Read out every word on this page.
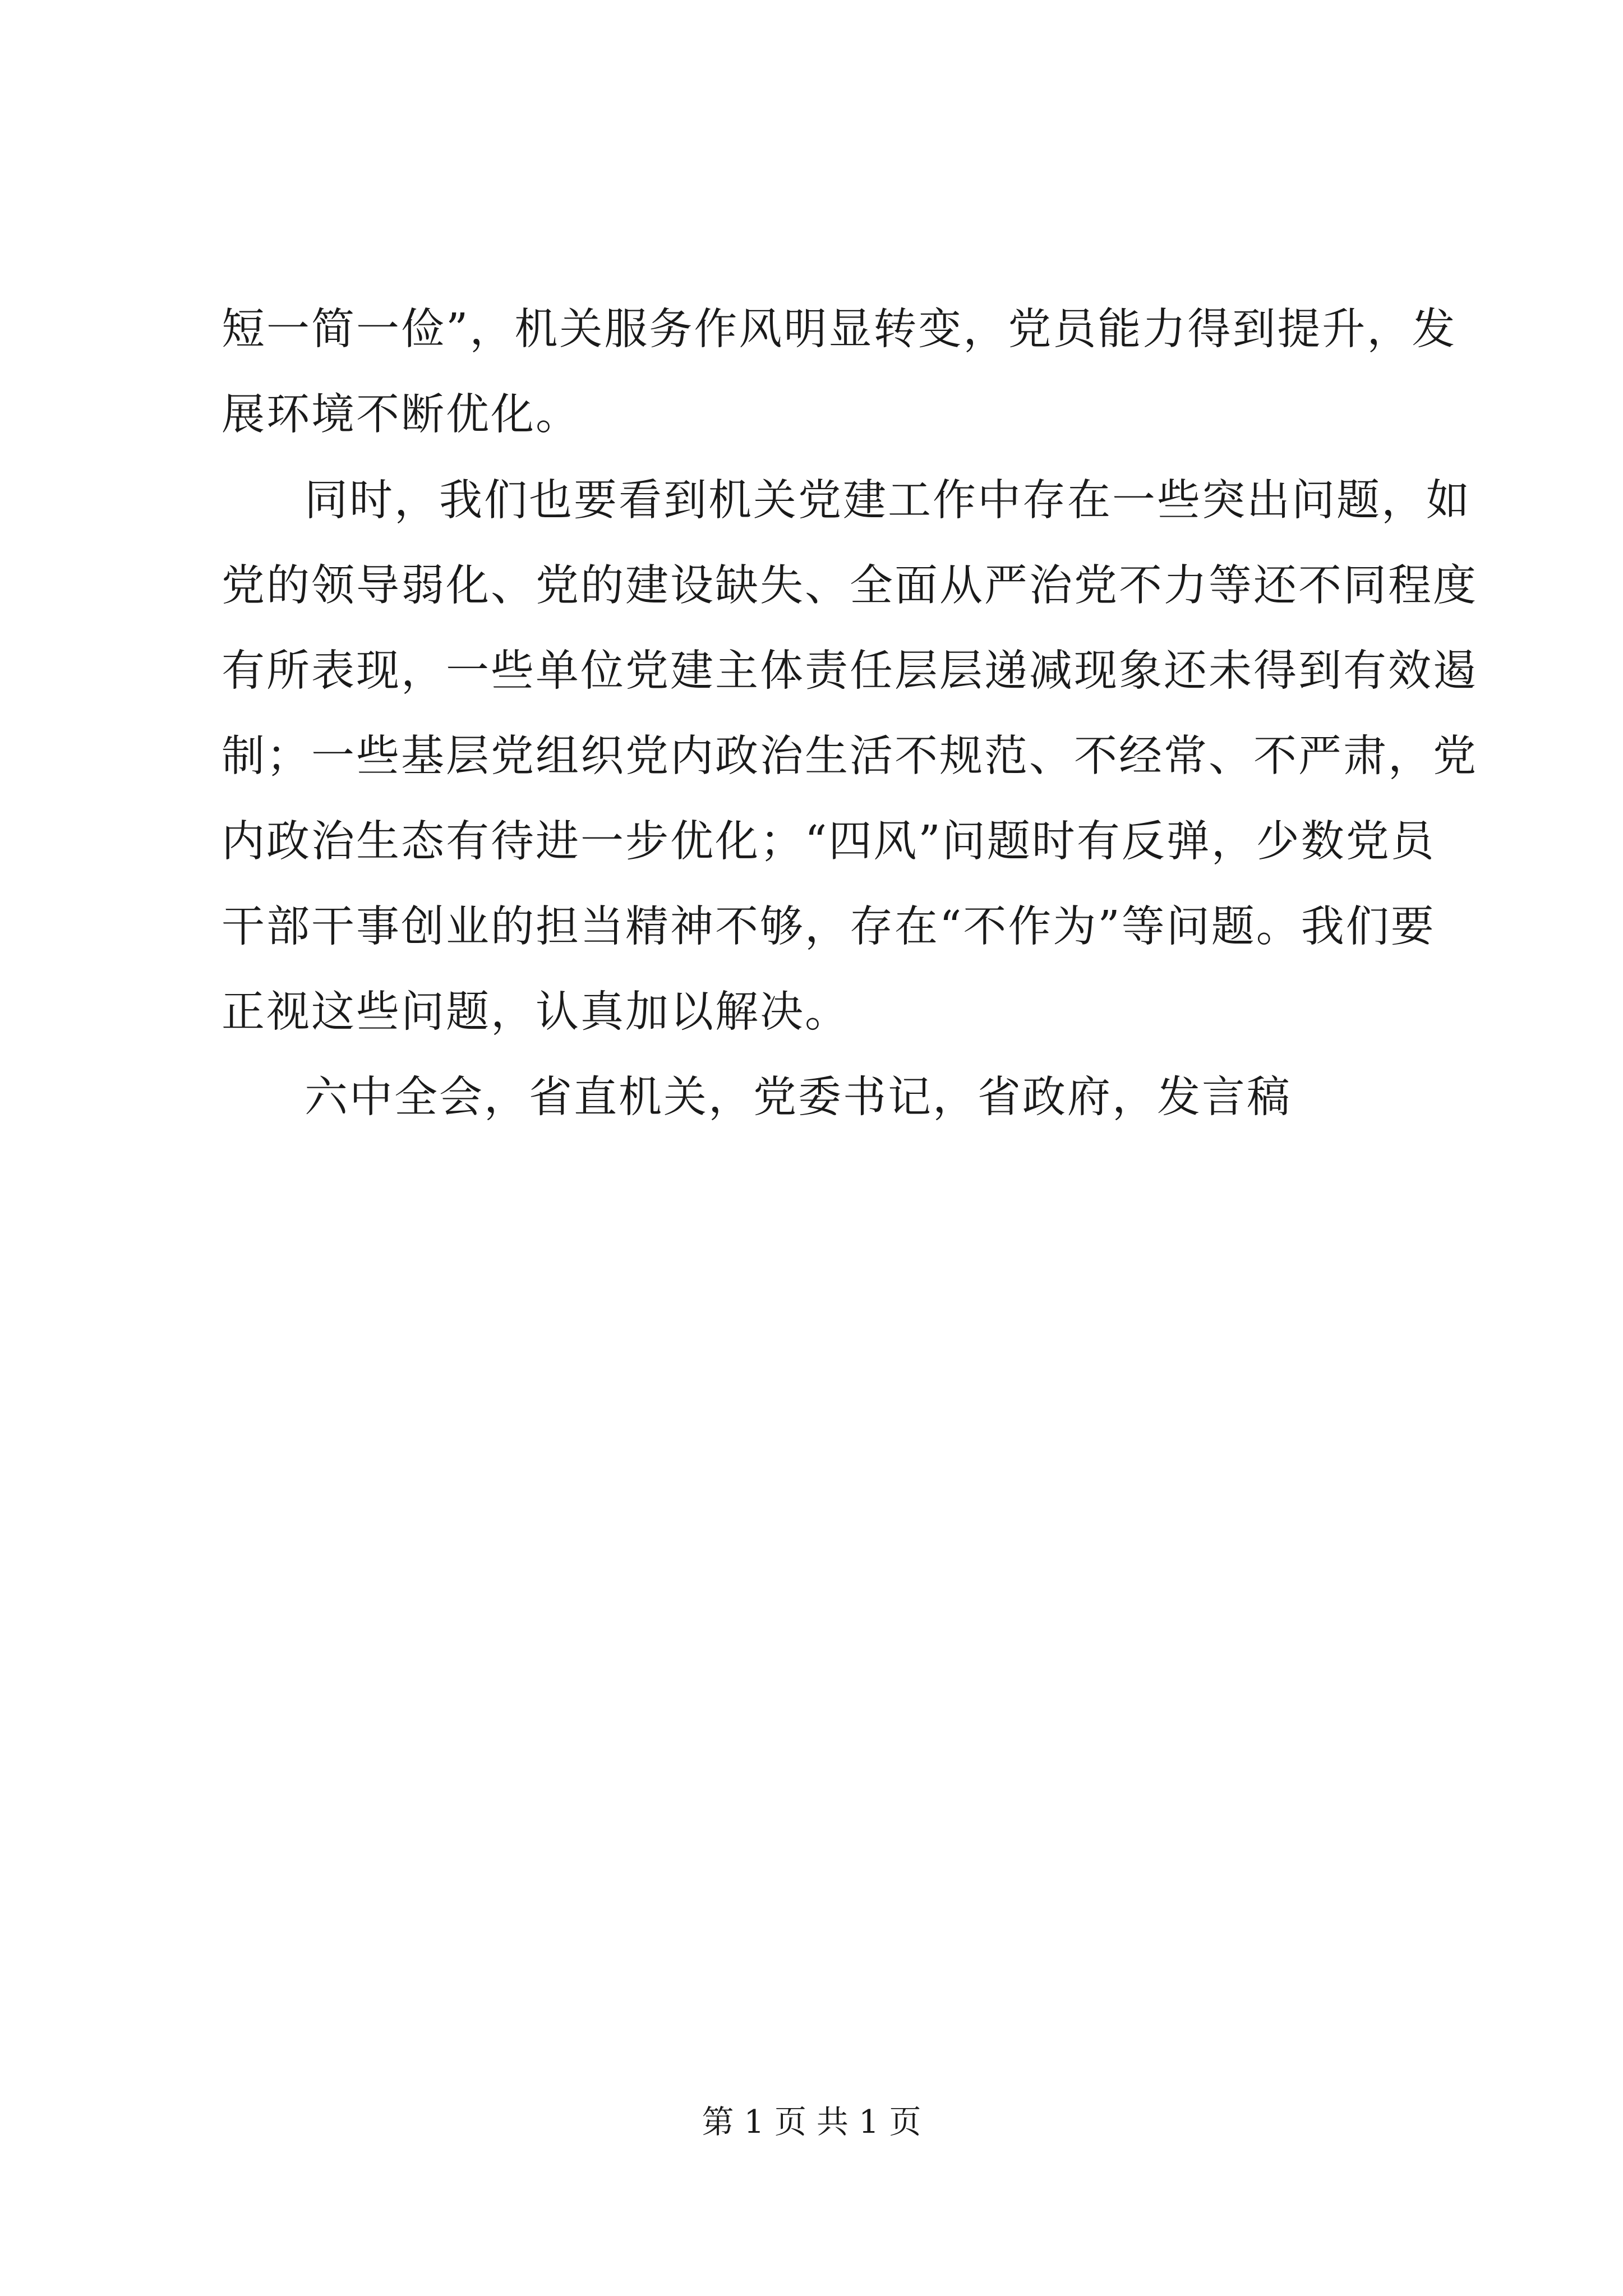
短一简一俭”，机关服务作风明显转变，党员能力得到提升，发
展环境不断优化。
同时，我们也要看到机关党建工作中存在一些突出问题，如
党的领导弱化、党的建设缺失、全面从严治党不力等还不同程度
有所表现，一些单位党建主体责任层层递减现象还未得到有效遏
制；一些基层党组织党内政治生活不规范、不经常、不严肃，党
内政治生态有待进一步优化；“四风”问题时有反弹，少数党员
干部干事创业的担当精神不够，存在“不作为”等问题。我们要
正视这些问题，认真加以解决。
六中全会，省直机关，党委书记，省政府，发言稿
第 1 页 共 1 页
